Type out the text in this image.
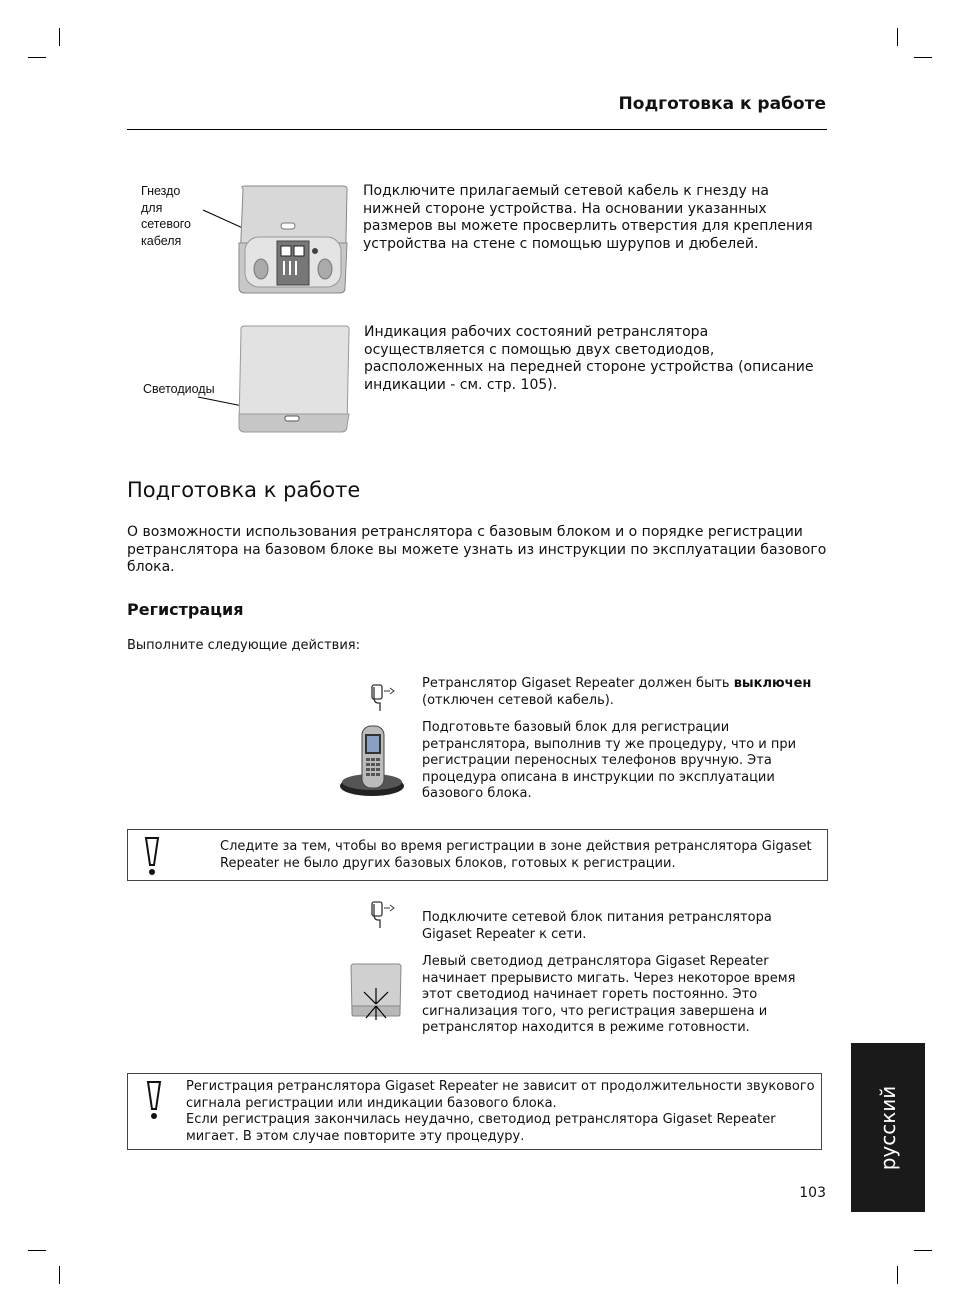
Подготовка к работе
Гнездо
для
сетевого
кабеля
Подключите прилагаемый сетевой кабель к гнезду на нижней стороне устройства. На основании указанных размеров вы можете просверлить отверстия для крепления устройства на стене с помощью шурупов и дюбелей.
Светодиоды
Индикация рабочих состояний ретранслятора осуществляется с помощью двух светодиодов, расположенных на передней стороне устройства (описание индикации - см. стр. 105).
Подготовка к работе
О возможности использования ретранслятора с базовым блоком и о порядке регистрации ретранслятора на базовом блоке вы можете узнать из инструкции по эксплуатации базового блока.
Регистрация
Выполните следующие действия:
Ретранслятор Gigaset Repeater должен быть выключен
(отключен сетевой кабель).
Подготовьте базовый блок для регистрации ретранслятора, выполнив ту же процедуру, что и при регистрации переносных телефонов вручную. Эта процедура описана в инструкции по эксплуатации базового блока.
Следите за тем, чтобы во время регистрации в зоне действия ретранслятора Gigaset Repeater не было других базовых блоков, готовых к регистрации.
Подключите сетевой блок питания ретранслятора Gigaset Repeater к сети.
Левый светодиод детранслятора Gigaset Repeater начинает прерывисто мигать. Через некоторое время этот светодиод начинает гореть постоянно. Это сигнализация того, что регистрация завершена и ретранслятор находится в режиме готовности.
Регистрация ретранслятора Gigaset Repeater не зависит от продолжительности звукового сигнала регистрации или индикации базового блока.
Если регистрация закончилась неудачно, светодиод ретранслятора Gigaset Repeater мигает. В этом случае повторите эту процедуру.
103
русский
